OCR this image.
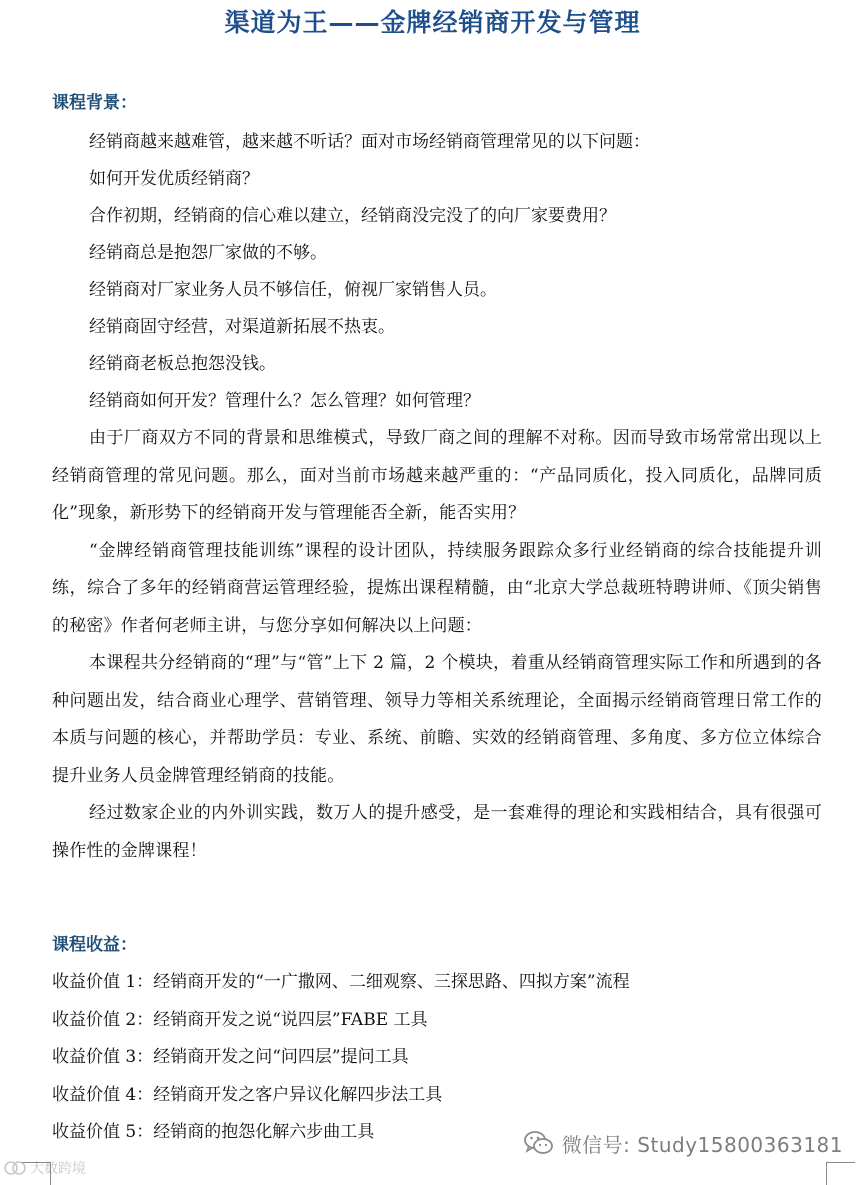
渠道为王——金牌经销商开发与管理
课程背景：
经销商越来越难管，越来越不听话？面对市场经销商管理常见的以下问题：
如何开发优质经销商？
合作初期，经销商的信心难以建立，经销商没完没了的向厂家要费用？
经销商总是抱怨厂家做的不够。
经销商对厂家业务人员不够信任，俯视厂家销售人员。
经销商固守经营，对渠道新拓展不热衷。
经销商老板总抱怨没钱。
经销商如何开发？管理什么？怎么管理？如何管理？

由于厂商双方不同的背景和思维模式，导致厂商之间的理解不对称。因而导致市场常常出现以上经销商管理的常见问题。那么，面对当前市场越来越严重的：“产品同质化，投入同质化，品牌同质化”现象，新形势下的经销商开发与管理能否全新，能否实用？

“金牌经销商管理技能训练”课程的设计团队，持续服务跟踪众多行业经销商的综合技能提升训练，综合了多年的经销商营运管理经验，提炼出课程精髓，由“北京大学总裁班特聘讲师、《顶尖销售的秘密》作者何老师主讲，与您分享如何解决以上问题：

本课程共分经销商的“理”与“管”上下 2 篇，2 个模块，着重从经销商管理实际工作和所遇到的各种问题出发，结合商业心理学、营销管理、领导力等相关系统理论，全面揭示经销商管理日常工作的本质与问题的核心，并帮助学员：专业、系统、前瞻、实效的经销商管理、多角度、多方位立体综合提升业务人员金牌管理经销商的技能。

经过数家企业的内外训实践，数万人的提升感受，是一套难得的理论和实践相结合，具有很强可操作性的金牌课程！

课程收益：
收益价值 1：经销商开发的“一广撒网、二细观察、三探思路、四拟方案”流程
收益价值 2：经销商开发之说“说四层”FABE 工具
收益价值 3：经销商开发之问“问四层”提问工具
收益价值 4：经销商开发之客户异议化解四步法工具
收益价值 5：经销商的抱怨化解六步曲工具
微信号: Study15800363181
大数跨境
